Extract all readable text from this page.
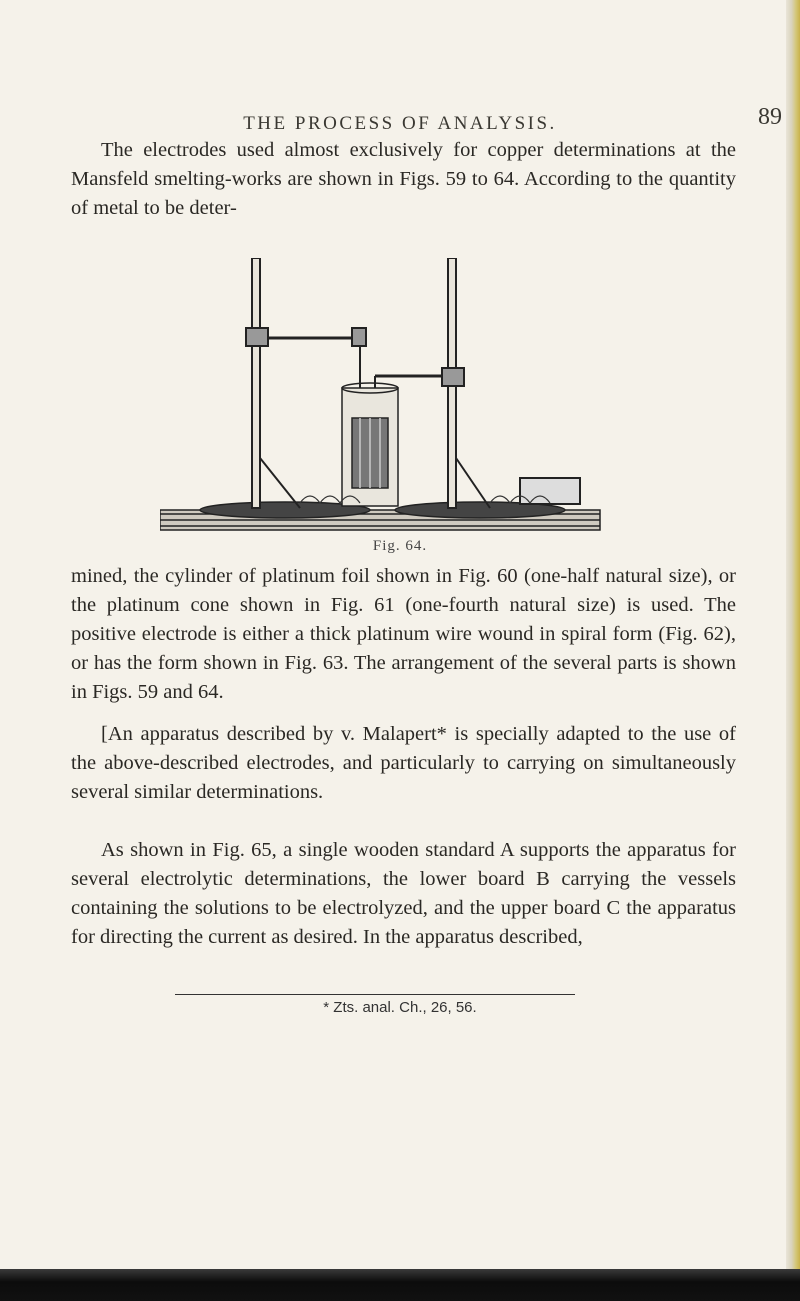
THE PROCESS OF ANALYSIS.	89

The electrodes used almost exclusively for copper determinations at the Mansfeld smelting-works are shown in Figs. 59 to 64. According to the quantity of metal to be deter-

Fig. 64.

mined, the cylinder of platinum foil shown in Fig. 60 (one-half natural size), or the platinum cone shown in Fig. 61 (one-fourth natural size) is used. The positive electrode is either a thick platinum wire wound in spiral form (Fig. 62), or has the form shown in Fig. 63. The arrangement of the several parts is shown in Figs. 59 and 64.

[An apparatus described by v. Malapert* is specially adapted to the use of the above-described electrodes, and particularly to carrying on simultaneously several similar determinations.

As shown in Fig. 65, a single wooden standard A supports the apparatus for several electrolytic determinations, the lower board B carrying the vessels containing the solutions to be electrolyzed, and the upper board C the apparatus for directing the current as desired. In the apparatus described,

* Zts. anal. Ch., 26, 56.
